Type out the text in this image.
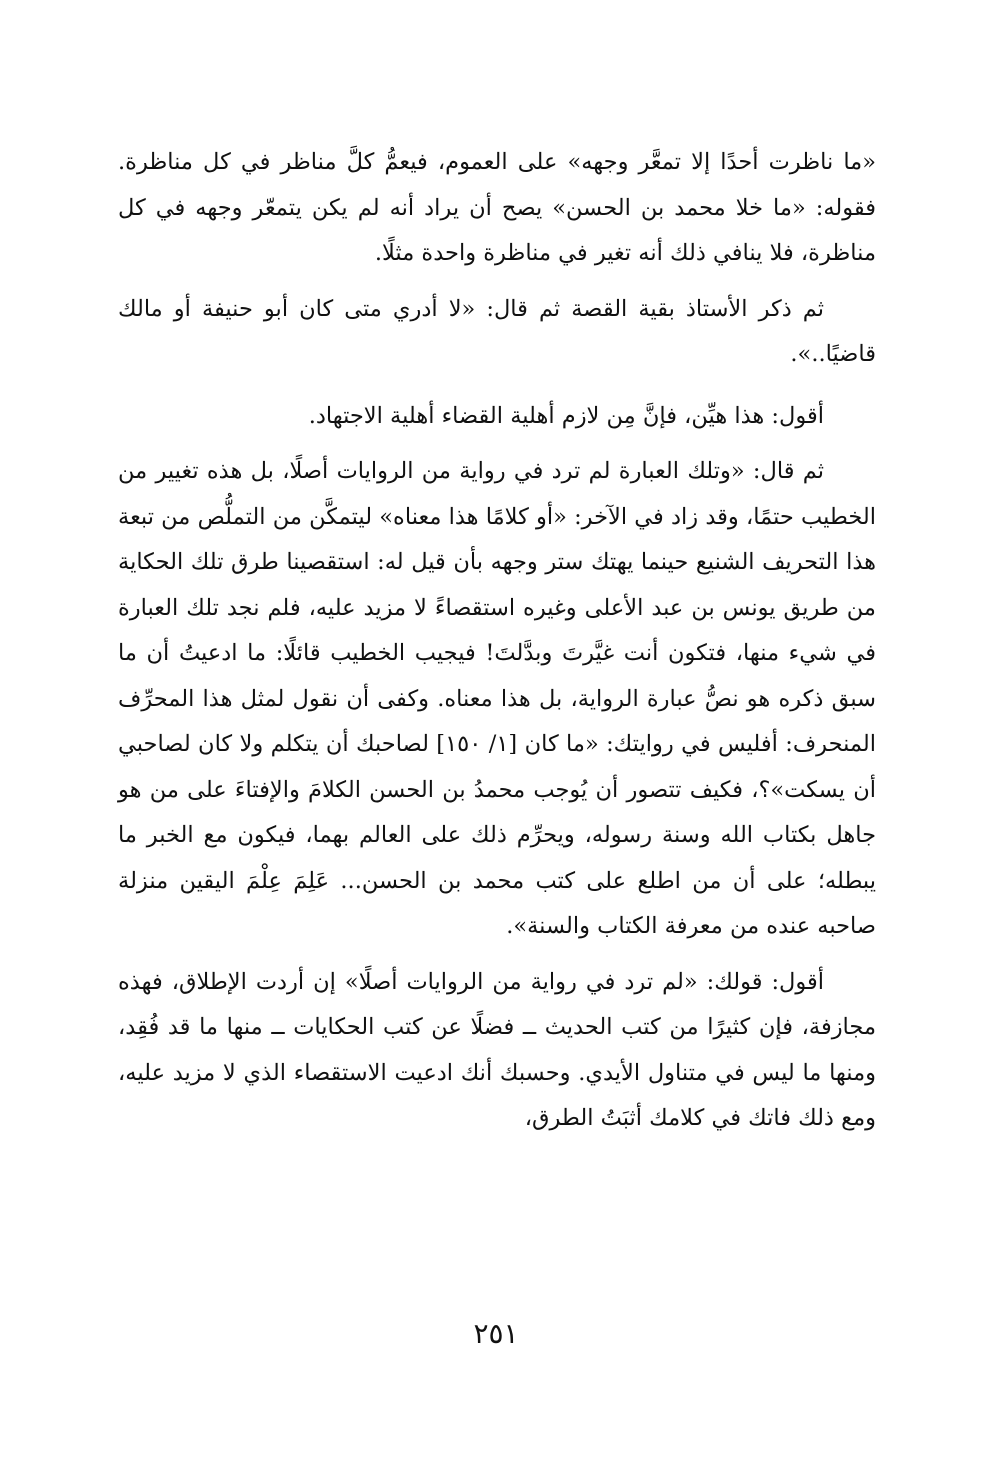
«ما ناظرت أحدًا إلا تمعَّر وجهه» على العموم، فيعمُّ كلَّ مناظر في كل مناظرة. فقوله: «ما خلا محمد بن الحسن» يصح أن يراد أنه لم يكن يتمعّر وجهه في كل مناظرة، فلا ينافي ذلك أنه تغير في مناظرة واحدة مثلًا.

ثم ذكر الأستاذ بقية القصة ثم قال: «لا أدري متى كان أبو حنيفة أو مالك قاضيًا..».

أقول: هذا هيِّن، فإنَّ مِن لازم أهلية القضاء أهلية الاجتهاد.

ثم قال: «وتلك العبارة لم ترد في رواية من الروايات أصلًا، بل هذه تغيير من الخطيب حتمًا، وقد زاد في الآخر: «أو كلامًا هذا معناه» ليتمكَّن من التملُّص من تبعة هذا التحريف الشنيع حينما يهتك ستر وجهه بأن قيل له: استقصينا طرق تلك الحكاية من طريق يونس بن عبد الأعلى وغيره استقصاءً لا مزيد عليه، فلم نجد تلك العبارة في شيء منها، فتكون أنت غيَّرتَ وبدَّلتَ! فيجيب الخطيب قائلًا: ما ادعيتُ أن ما سبق ذكره هو نصُّ عبارة الرواية، بل هذا معناه. وكفى أن نقول لمثل هذا المحرِّف المنحرف: أفليس في روايتك: «ما كان [١/ ١٥٠] لصاحبك أن يتكلم ولا كان لصاحبي أن يسكت»؟، فكيف تتصور أن يُوجب محمدُ بن الحسن الكلامَ والإفتاءَ على من هو جاهل بكتاب الله وسنة رسوله، ويحرِّم ذلك على العالم بهما، فيكون مع الخبر ما يبطله؛ على أن من اطلع على كتب محمد بن الحسن... عَلِمَ عِلْمَ اليقين منزلة صاحبه عنده من معرفة الكتاب والسنة».

أقول: قولك: «لم ترد في رواية من الروايات أصلًا» إن أردت الإطلاق، فهذه مجازفة، فإن كثيرًا من كتب الحديث ــ فضلًا عن كتب الحكايات ــ منها ما قد فُقِد، ومنها ما ليس في متناول الأيدي. وحسبك أنك ادعيت الاستقصاء الذي لا مزيد عليه، ومع ذلك فاتك في كلامك أثبَتُ الطرق،

٢٥١
